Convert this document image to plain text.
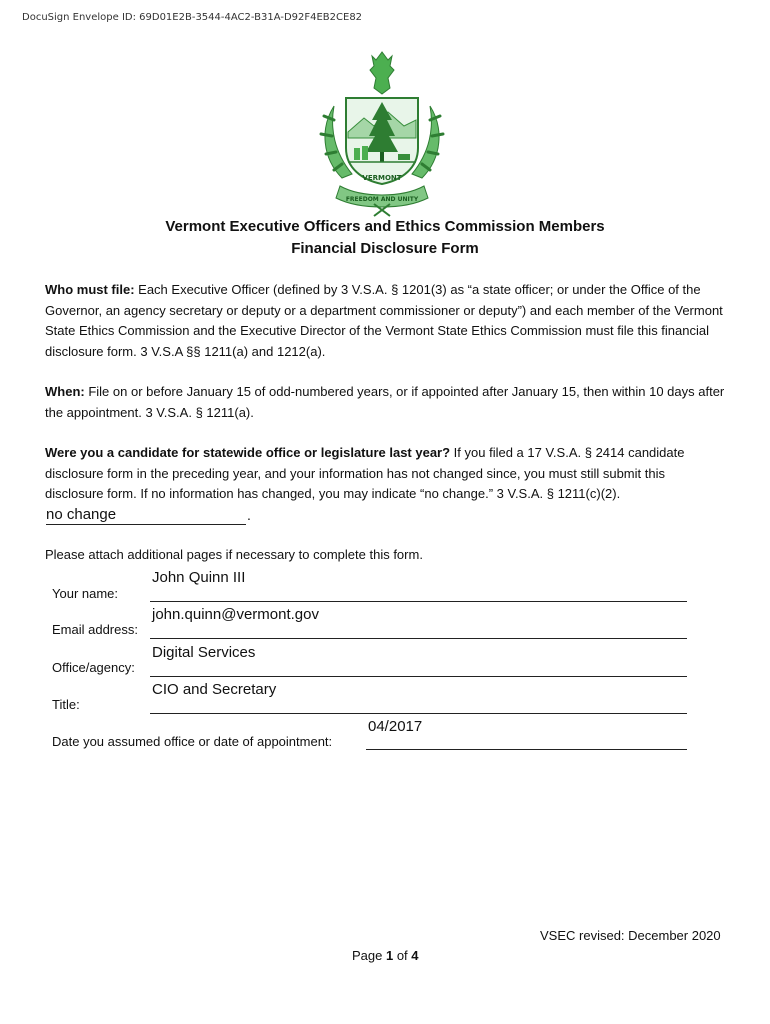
DocuSign Envelope ID: 69D01E2B-3544-4AC2-B31A-D92F4EB2CE82
VERMONT
FREEDOM AND UNITY
Vermont Executive Officers and Ethics Commission Members
Financial Disclosure Form
Who must file: Each Executive Officer (defined by 3 V.S.A. § 1201(3) as “a state officer; or under the Office of the Governor, an agency secretary or deputy or a department commissioner or deputy”) and each member of the Vermont State Ethics Commission and the Executive Director of the Vermont State Ethics Commission must file this financial disclosure form. 3 V.S.A §§ 1211(a) and 1212(a).
When: File on or before January 15 of odd-numbered years, or if appointed after January 15, then within 10 days after the appointment. 3 V.S.A. § 1211(a).
Were you a candidate for statewide office or legislature last year? If you filed a 17 V.S.A. § 2414 candidate disclosure form in the preceding year, and your information has not changed since, you must still submit this disclosure form. If no information has changed, you may indicate “no change.” 3 V.S.A. § 1211(c)(2).
no change	.
Please attach additional pages if necessary to complete this form.
John Quinn III
Your name:
john.quinn@vermont.gov
Email address:
Digital Services
Office/agency:
CIO and Secretary
Title:
04/2017
Date you assumed office or date of appointment:
VSEC revised: December 2020
Page 1 of 4
